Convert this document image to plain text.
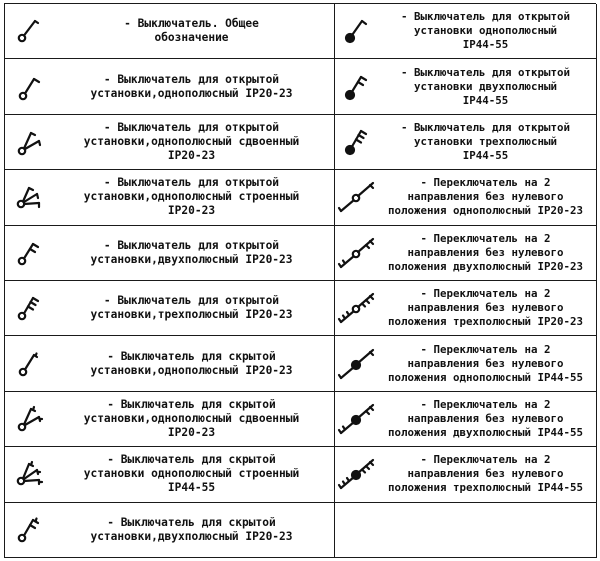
- Выключатель. Общее
обозначение
- Выключатель для открытой
установки однополюсный
IP44-55
- Выключатель для открытой
установки,однополюсный IP20-23
- Выключатель для открытой
установки двухполюсный
IP44-55
- Выключатель для открытой
установки,однополюсный сдвоенный
IP20-23
- Выключатель для открытой
установки трехполюсный
IP44-55
- Выключатель для открытой
установки,однополюсный строенный
IP20-23
- Переключатель на 2
направления без нулевого
положения однополюсный IP20-23
- Выключатель для открытой
установки,двухполюсный IP20-23
- Переключатель на 2
направления без нулевого
положения двухполюсный IP20-23
- Выключатель для открытой
установки,трехполюсный IP20-23
- Переключатель на 2
направления без нулевого
положения трехполюсный IP20-23
- Выключатель для скрытой
установки,однополюсный IP20-23
- Переключатель на 2
направления без нулевого
положения однополюсный IP44-55
- Выключатель для скрытой
установки,однополюсный сдвоенный
IP20-23
- Переключатель на 2
направления без нулевого
положения двухполюсный IP44-55
- Выключатель для скрытой
установки однополюсный строенный
IP44-55
- Переключатель на 2
направления без нулевого
положения трехполюсный IP44-55
- Выключатель для скрытой
установки,двухполюсный IP20-23
